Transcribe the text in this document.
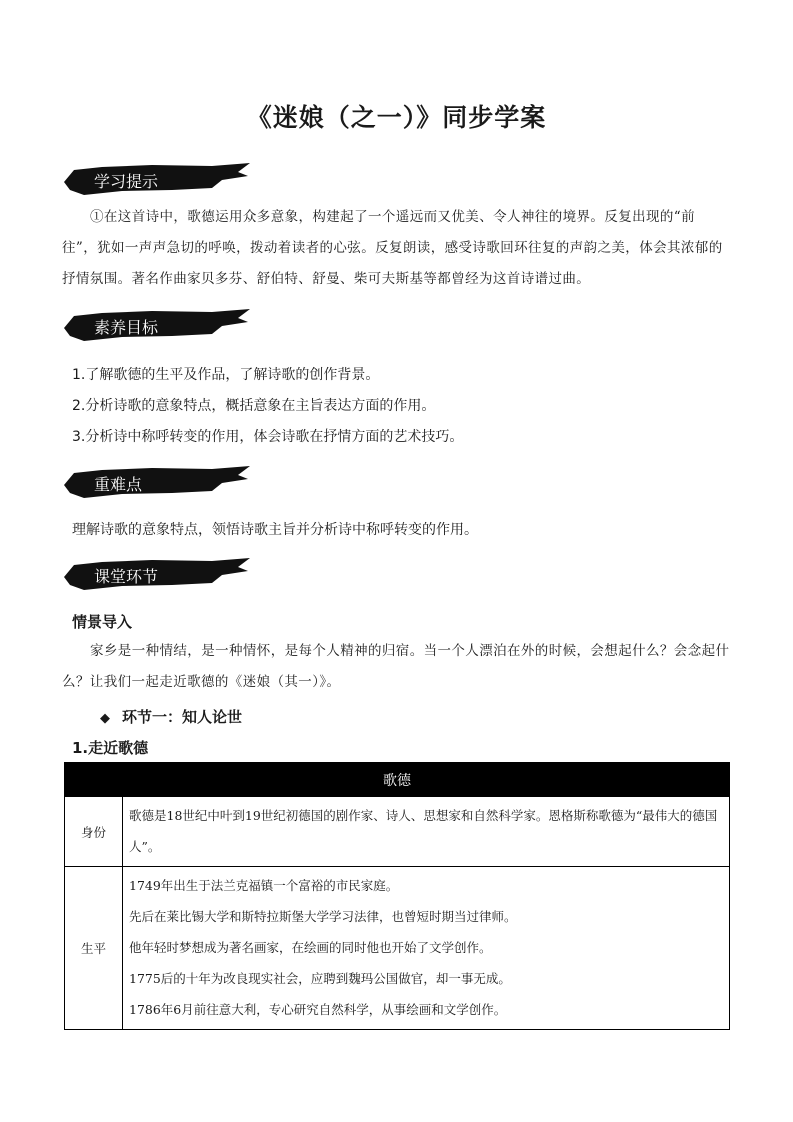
《迷娘（之一）》同步学案
学习提示
①在这首诗中，歌德运用众多意象，构建起了一个遥远而又优美、令人神往的境界。反复出现的“前往”，犹如一声声急切的呼唤，拨动着读者的心弦。反复朗读，感受诗歌回环往复的声韵之美，体会其浓郁的抒情氛围。著名作曲家贝多芬、舒伯特、舒曼、柴可夫斯基等都曾经为这首诗谱过曲。
素养目标
1.了解歌德的生平及作品，了解诗歌的创作背景。
2.分析诗歌的意象特点，概括意象在主旨表达方面的作用。
3.分析诗中称呼转变的作用，体会诗歌在抒情方面的艺术技巧。
重难点
理解诗歌的意象特点，领悟诗歌主旨并分析诗中称呼转变的作用。
课堂环节
情景导入
家乡是一种情结，是一种情怀，是每个人精神的归宿。当一个人漂泊在外的时候，会想起什么？会念起什么？让我们一起走近歌德的《迷娘（其一）》。
◆ 环节一：知人论世
1.走近歌德
歌德	
身份	歌德是18世纪中叶到19世纪初德国的剧作家、诗人、思想家和自然科学家。恩格斯称歌德为“最伟大的德国人”。

生平	1749年出生于法兰克福镇一个富裕的市民家庭。

先后在莱比锡大学和斯特拉斯堡大学学习法律，也曾短时期当过律师。

他年轻时梦想成为著名画家，在绘画的同时他也开始了文学创作。

1775后的十年为改良现实社会，应聘到魏玛公国做官，却一事无成。

1786年6月前往意大利，专心研究自然科学，从事绘画和文学创作。
